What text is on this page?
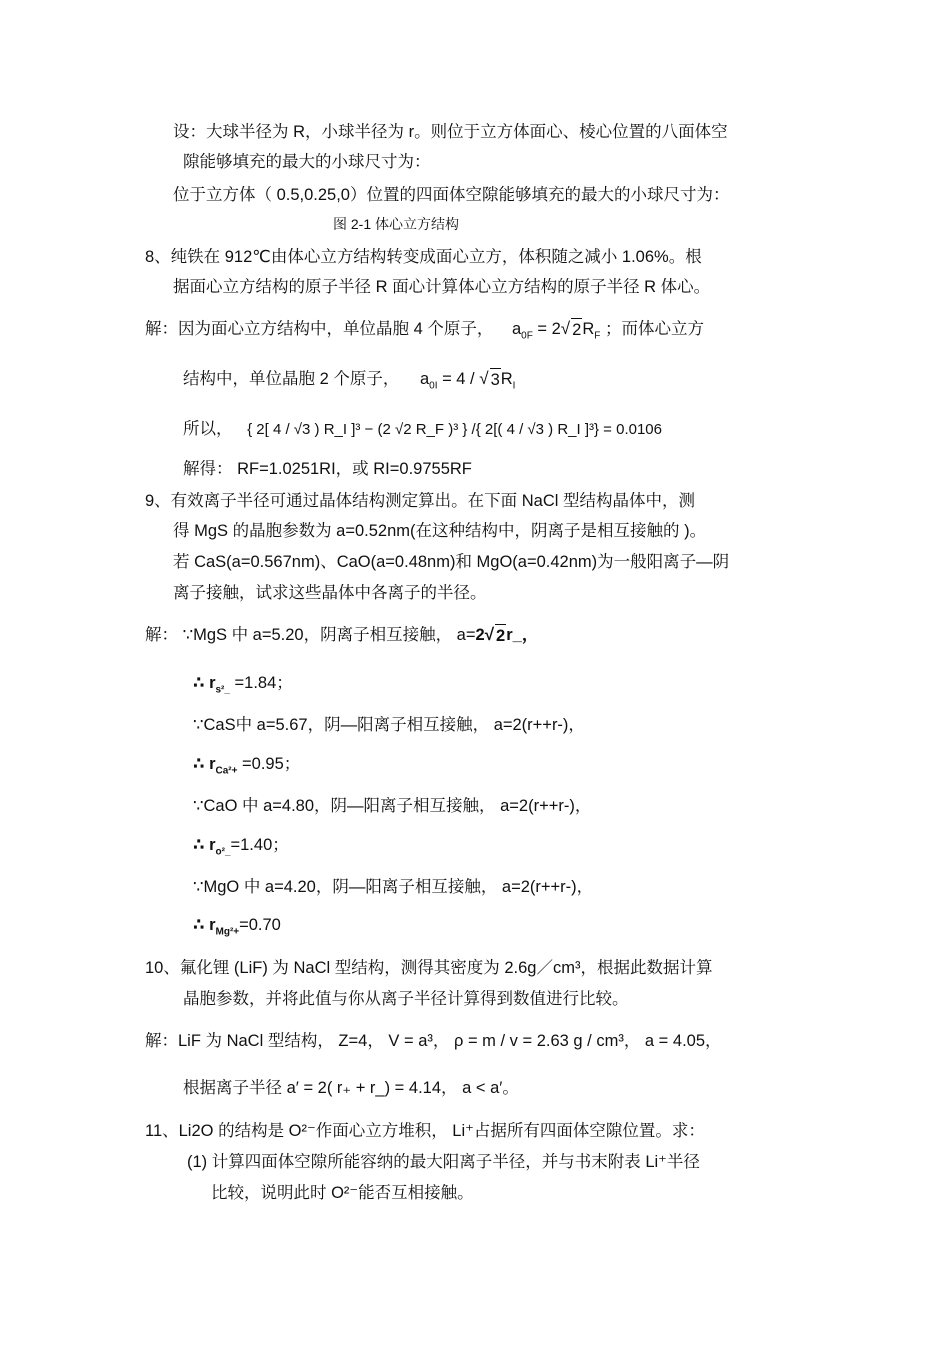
设：大球半径为 R，小球半径为 r。则位于立方体面心、棱心位置的八面体空
隙能够填充的最大的小球尺寸为：
位于立方体（ 0.5,0.25,0）位置的四面体空隙能够填充的最大的小球尺寸为：
图 2-1 体心立方结构
8、纯铁在 912℃由体心立方结构转变成面心立方，体积随之减小 1.06%。根
据面心立方结构的原子半径 R 面心计算体心立方结构的原子半径 R 体心。
解：因为面心立方结构中，单位晶胞 4 个原子， $a_{0F} = 2$ √ 2 $R_F$ ；而体心立方
结构中，单位晶胞 2 个原子， $a_{0I} = 4$ / √ 3 $R_I$
所以， { 2[ 4 / √3 ) R_I ]³ − (2 √2 R_F )³ } /{ 2[( 4 / √3 ) R_I ]³} = 0.0106
解得： RF=1.0251RI，或 RI=0.9755RF
9、有效离子半径可通过晶体结构测定算出。在下面 NaCl 型结构晶体中，测
得 MgS 的晶胞参数为 a=0.52nm(在这种结构中，阴离子是相互接触的 )。
若 CaS(a=0.567nm)、CaO(a=0.48nm)和 MgO(a=0.42nm)为一般阳离子—阴
离子接触，试求这些晶体中各离子的半径。
解： ∵MgS 中 a=5.20，阴离子相互接触， a=2 √ 2 r_，
∴ $r_{s^2\_} =1.84$；
∵CaS中 a=5.67，阴—阳离子相互接触， a=2(r++r-)，
∴ $r_{Ca^2+} =0.95$；
∵CaO 中 a=4.80，阴—阳离子相互接触， a=2(r++r-)，
∴ $r_{o^2\_}=1.40$；
∵MgO 中 a=4.20，阴—阳离子相互接触， a=2(r++r-)，
∴ $r_{Mg^2+}=0.70$
10、氟化锂 (LiF) 为 NaCl 型结构，测得其密度为 2.6g／cm³，根据此数据计算
晶胞参数，并将此值与你从离子半径计算得到数值进行比较。
解：LiF 为 NaCl 型结构， Z=4， V = a³， ρ = m / v = 2.63 g / cm³， a = 4.05，
根据离子半径 a′ = 2( r₊ + r_) = 4.14， a < a′。
11、Li2O 的结构是 O²⁻作面心立方堆积， Li⁺占据所有四面体空隙位置。求：
(1) 计算四面体空隙所能容纳的最大阳离子半径，并与书末附表 Li⁺半径
比较，说明此时 O²⁻能否互相接触。
